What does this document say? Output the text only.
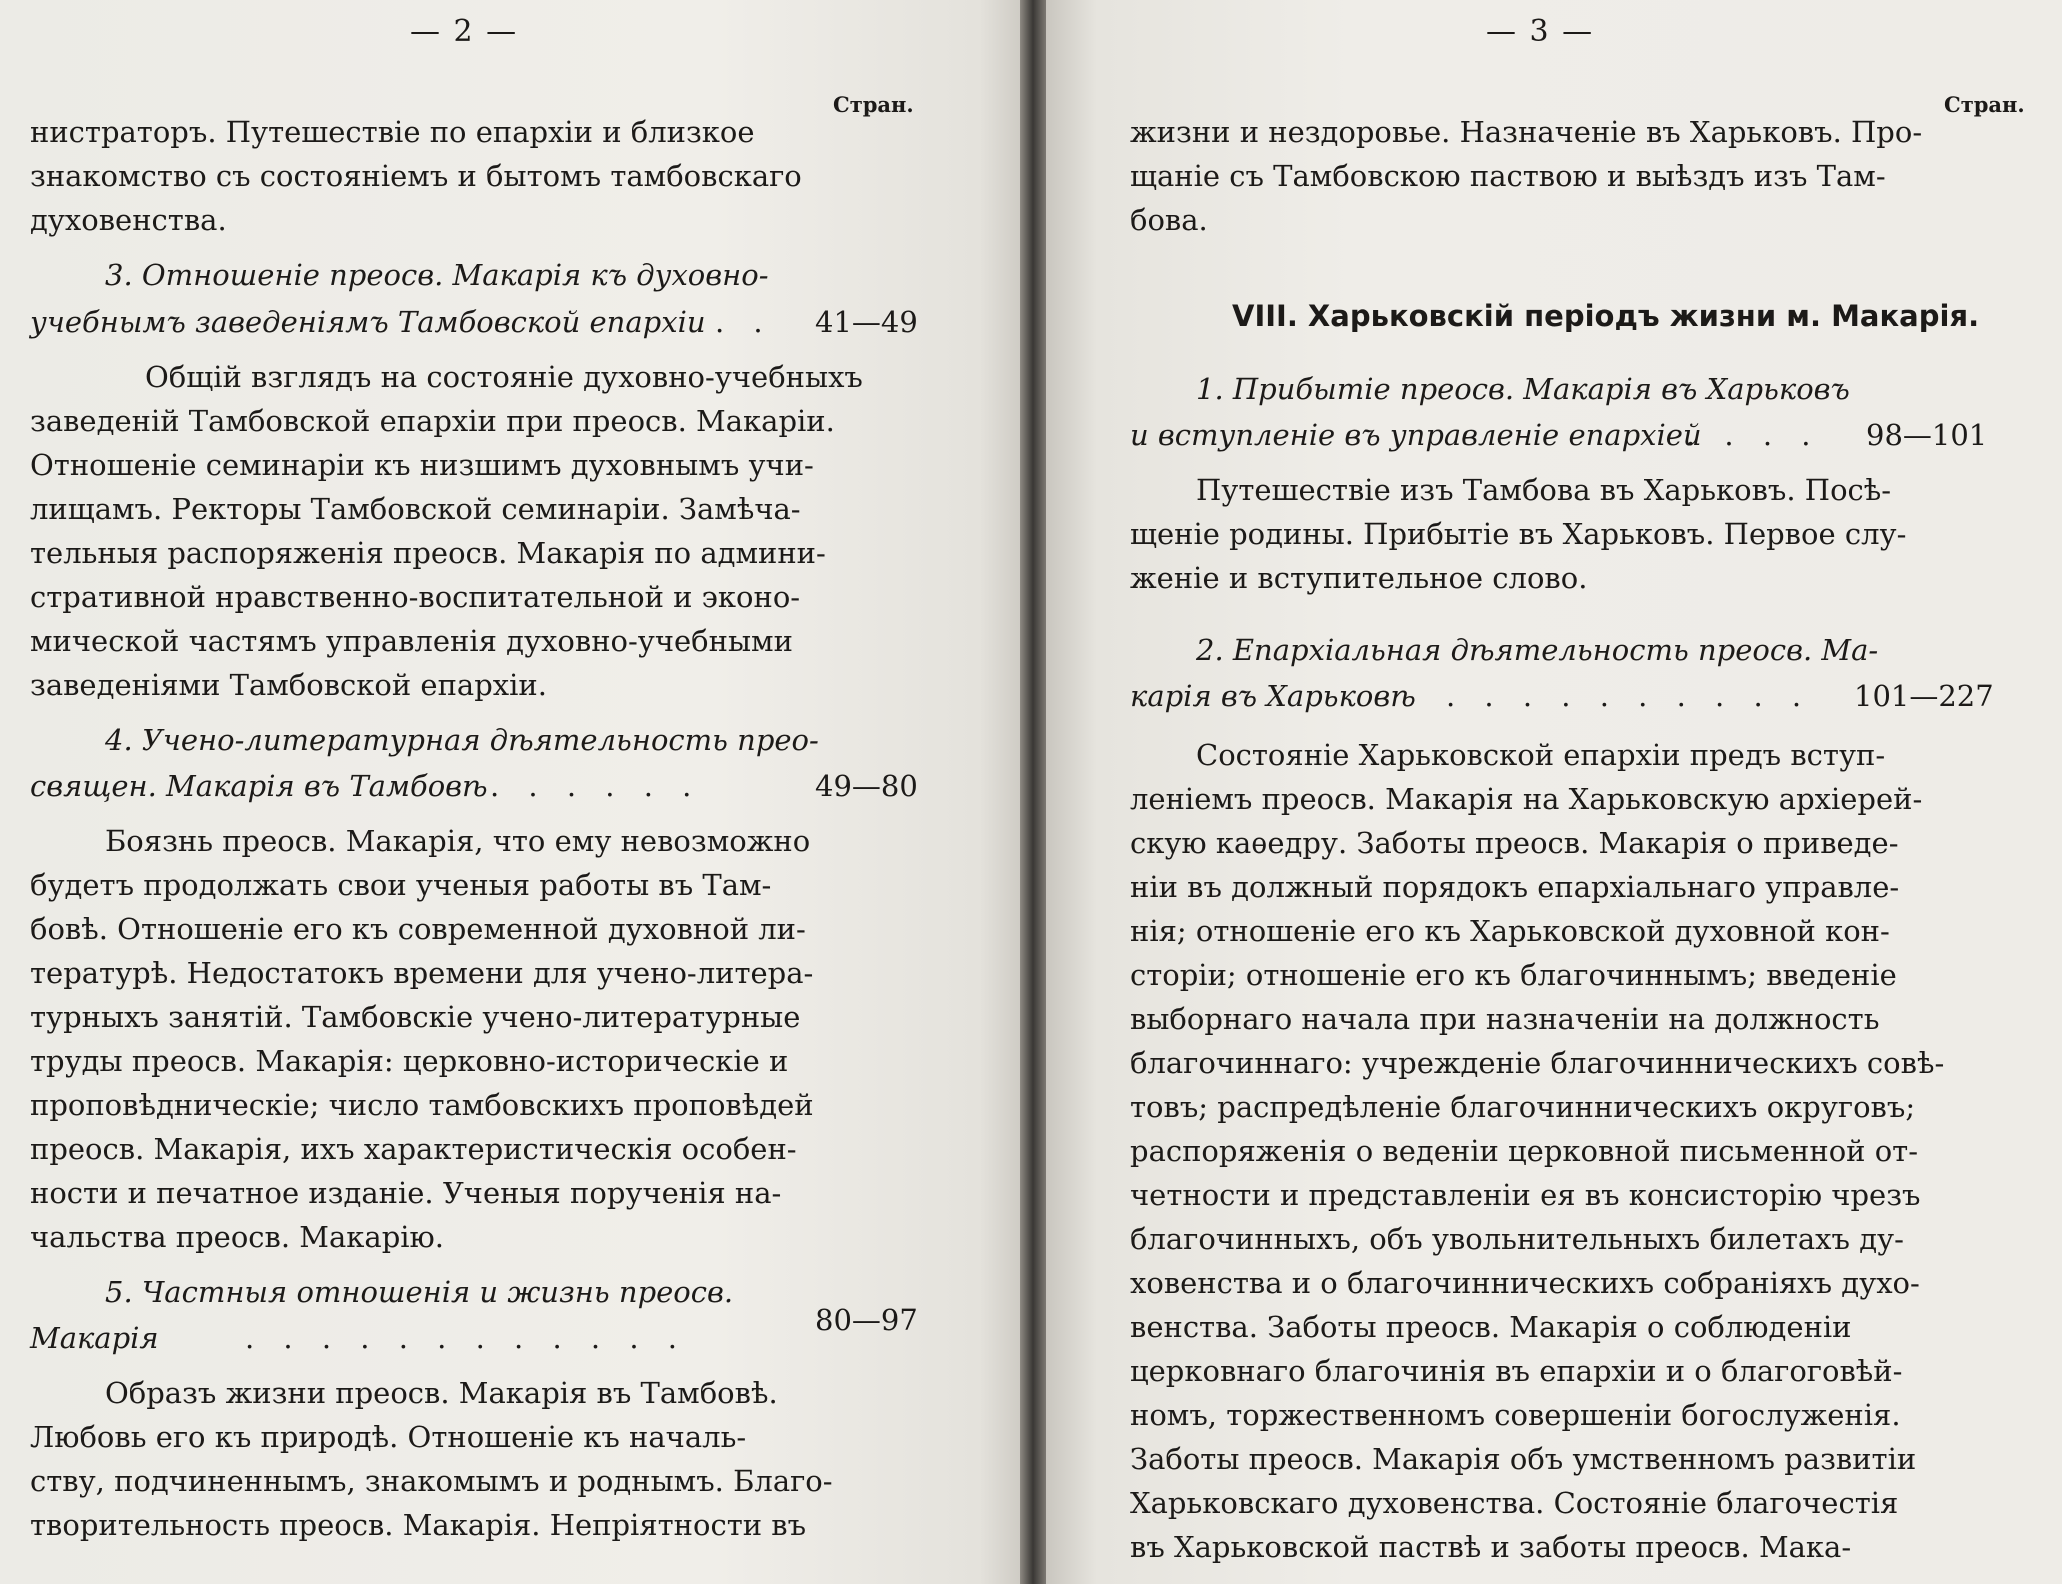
— 2 —
Стран.
нистраторъ. Путешествіе по епархіи и близкое
знакомство съ состояніемъ и бытомъ тамбовскаго
духовенства.
3. Отношеніе преосв. Макарія къ духовно-
учебнымъ заведеніямъ Тамбовской епархіи . . 41—49
Общій взглядъ на состояніе духовно-учебныхъ
заведеній Тамбовской епархіи при преосв. Макаріи.
Отношеніе семинаріи къ низшимъ духовнымъ учи-
лищамъ. Ректоры Тамбовской семинаріи. Замѣча-
тельныя распоряженія преосв. Макарія по админи-
стративной нравственно-воспитательной и эконо-
мической частямъ управленія духовно-учебными
заведеніями Тамбовской епархіи.
4. Учено-литературная дѣятельность прео-
священ. Макарія въ Тамбовѣ . . . . . .	49—80
Боязнь преосв. Макарія, что ему невозможно
будетъ продолжать свои ученыя работы въ Там-
бовѣ. Отношеніе его къ современной духовной ли-
тературѣ. Недостатокъ времени для учено-литера-
турныхъ занятій. Тамбовскіе учено-литературные
труды преосв. Макарія: церковно-историческіе и
проповѣдническіе; число тамбовскихъ проповѣдей
преосв. Макарія, ихъ характеристическія особен-
ности и печатное изданіе. Ученыя порученія на-
чальства преосв. Макарію.
5. Частныя отношенія и жизнь преосв.
Макарія	. . . . . . . . . . . .
80—97
Образъ жизни преосв. Макарія въ Тамбовѣ.
Любовь его къ природѣ. Отношеніе къ началь-
ству, подчиненнымъ, знакомымъ и роднымъ. Благо-
творительность преосв. Макарія. Непріятности въ
— 3 —
Стран.
жизни и нездоровье. Назначеніе въ Харьковъ. Про-
щаніе съ Тамбовскою паствою и выѣздъ изъ Там-
бова.
VIII. Харьковскій періодъ жизни м. Макарія.
1. Прибытіе преосв. Макарія въ Харьковъ
и вступленіе въ управленіе епархіей
. . . . 98—101
Путешествіе изъ Тамбова въ Харьковъ. Посѣ-
щеніе родины. Прибытіе въ Харьковъ. Первое слу-
женіе и вступительное слово.
2. Епархіальная дѣятельность преосв. Ма-
карія въ Харьковѣ . . . . . . . . . . 101—227
Состояніе Харьковской епархіи предъ вступ-
леніемъ преосв. Макарія на Харьковскую архіерей-
скую каѳедру. Заботы преосв. Макарія о приведе-
ніи въ должный порядокъ епархіальнаго управле-
нія; отношеніе его къ Харьковской духовной кон-
сторіи; отношеніе его къ благочиннымъ; введеніе
выборнаго начала при назначеніи на должность
благочиннаго: учрежденіе благочинническихъ совѣ-
товъ; распредѣленіе благочинническихъ округовъ;
распоряженія о веденіи церковной письменной от-
четности и представленіи ея въ консисторію чрезъ
благочинныхъ, объ увольнительныхъ билетахъ ду-
ховенства и о благочинническихъ собраніяхъ духо-
венства. Заботы преосв. Макарія о соблюденіи
церковнаго благочинія въ епархіи и о благоговѣй-
номъ, торжественномъ совершеніи богослуженія.
Заботы преосв. Макарія объ умственномъ развитіи
Харьковскаго духовенства. Состояніе благочестія
въ Харьковской паствѣ и заботы преосв. Мака-
